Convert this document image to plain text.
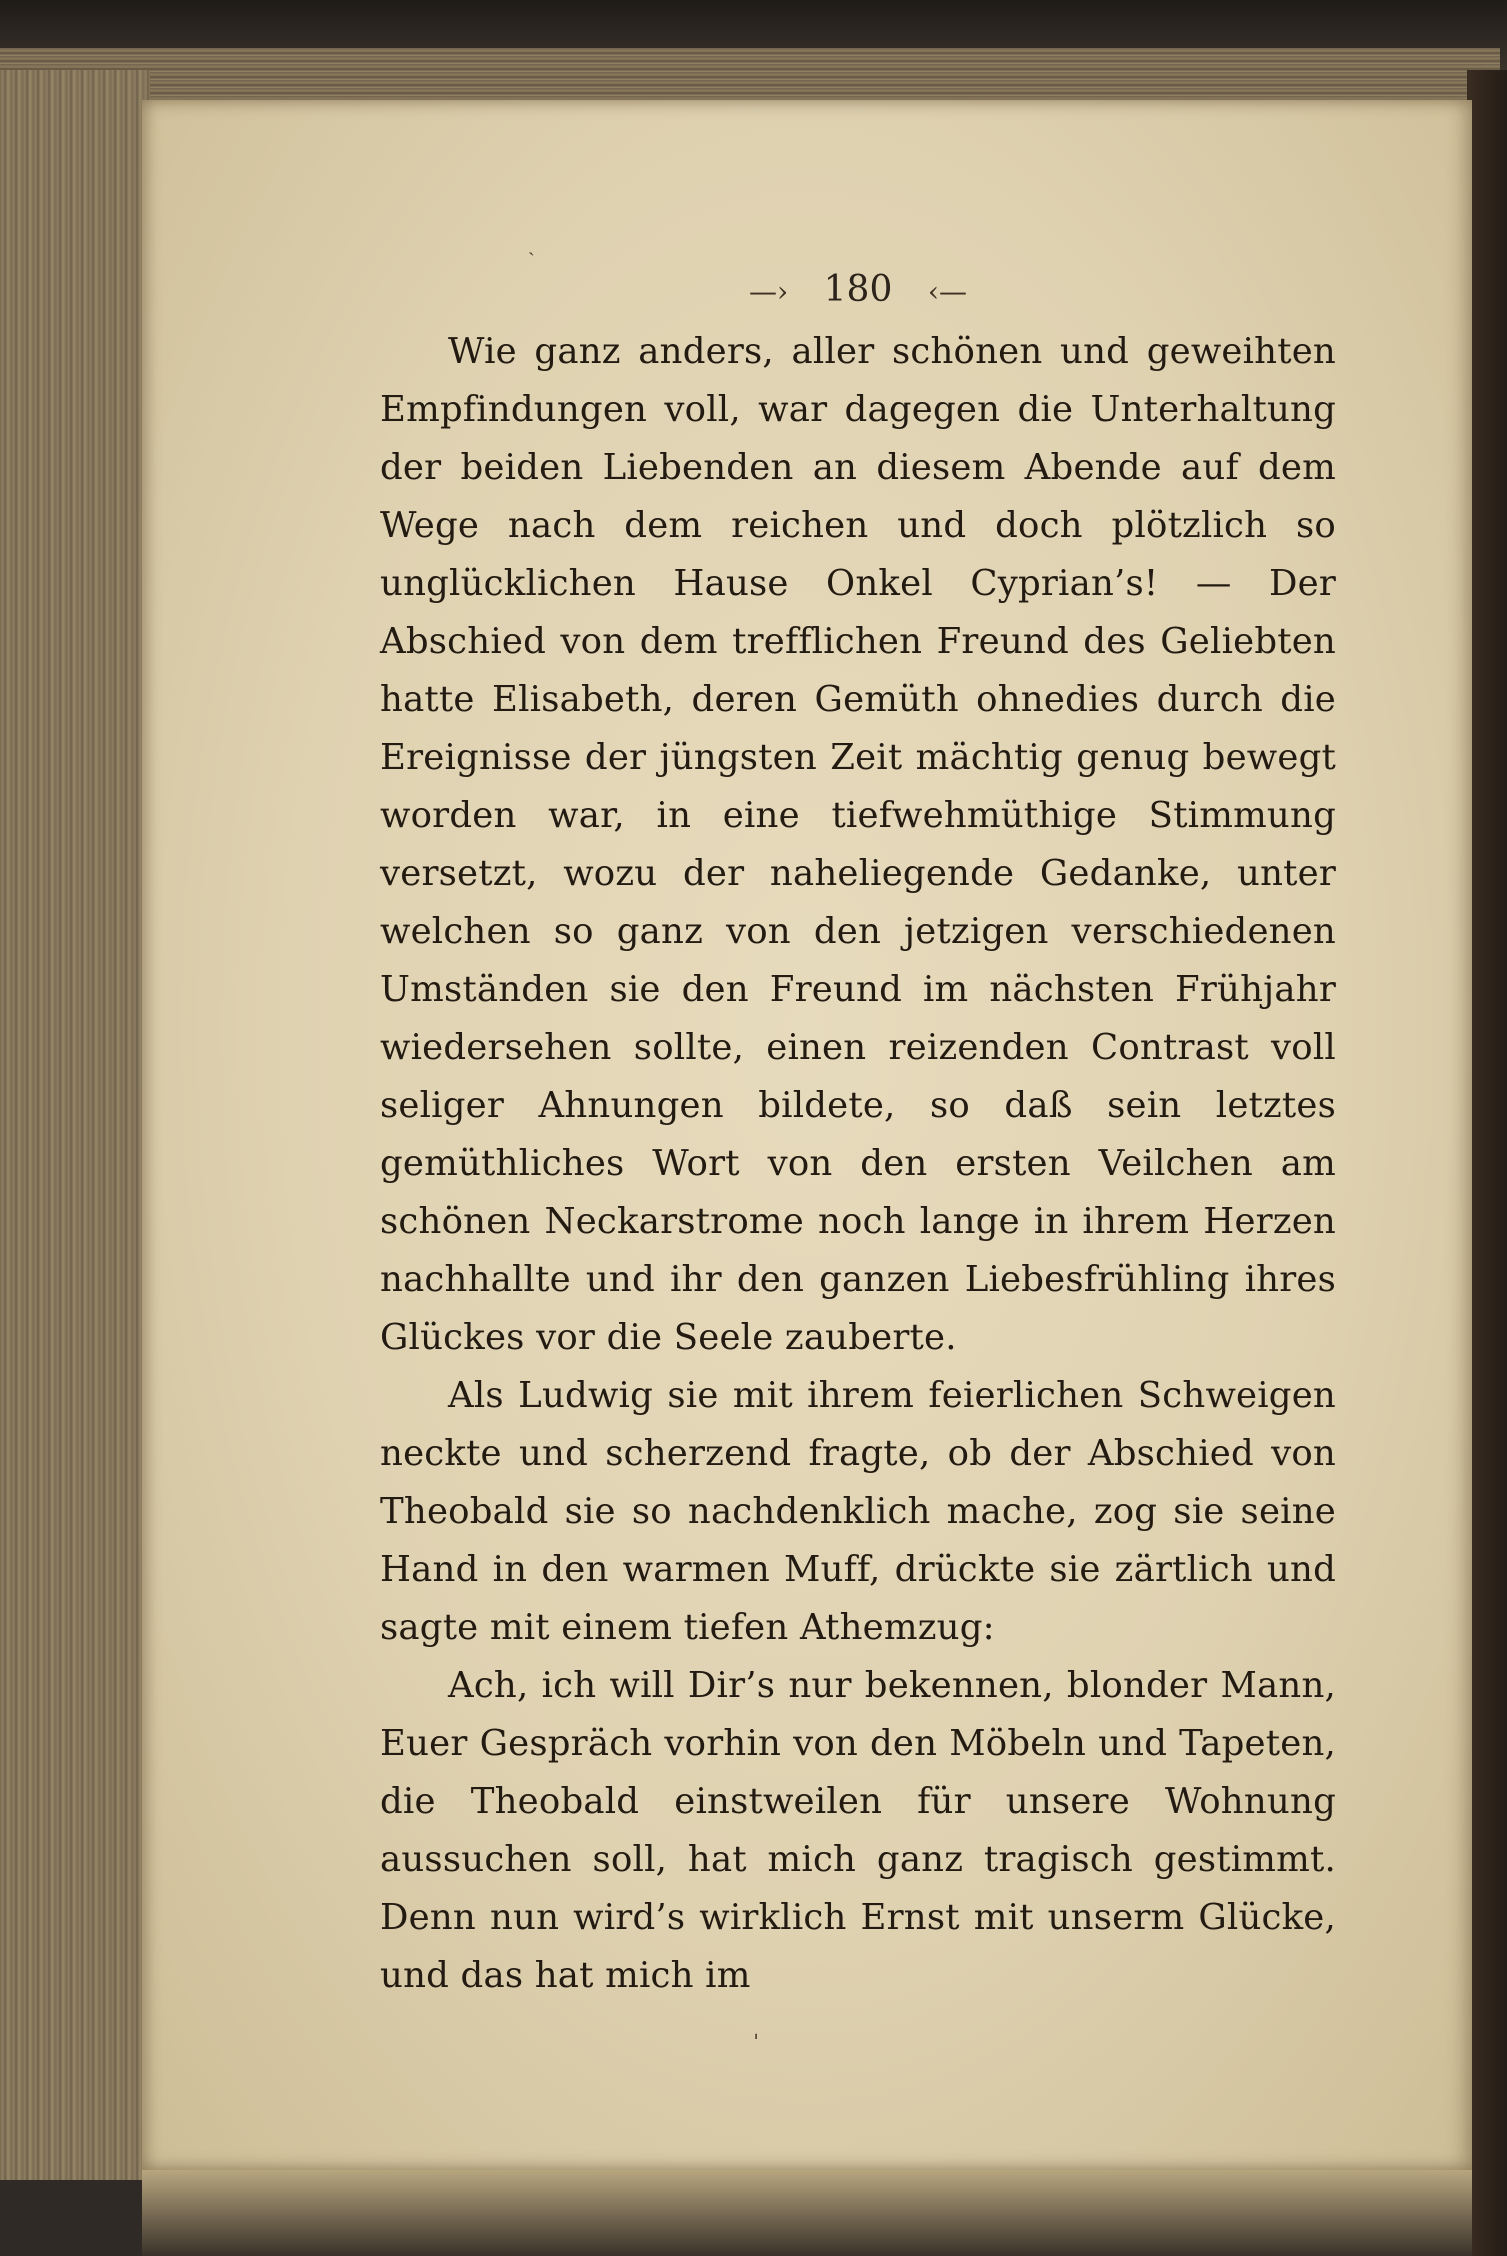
ˎ
ˈ
—› 180 ‹—

Wie ganz anders, aller schönen und geweihten Empfindungen voll, war dagegen die Unterhaltung der beiden Liebenden an diesem Abende auf dem Wege nach dem reichen und doch plötzlich so unglücklichen Hause Onkel Cyprian’s! — Der Abschied von dem trefflichen Freund des Geliebten hatte Elisabeth, deren Gemüth ohnedies durch die Ereignisse der jüngsten Zeit mächtig genug bewegt worden war, in eine tiefwehmüthige Stimmung versetzt, wozu der naheliegende Gedanke, unter welchen so ganz von den jetzigen verschiedenen Umständen sie den Freund im nächsten Frühjahr wiedersehen sollte, einen reizenden Contrast voll seliger Ahnungen bildete, so daß sein letztes gemüthliches Wort von den ersten Veilchen am schönen Neckarstrome noch lange in ihrem Herzen nachhallte und ihr den ganzen Liebesfrühling ihres Glückes vor die Seele zauberte.

Als Ludwig sie mit ihrem feierlichen Schweigen neckte und scherzend fragte, ob der Abschied von Theobald sie so nachdenklich mache, zog sie seine Hand in den warmen Muff, drückte sie zärtlich und sagte mit einem tiefen Athemzug:

Ach, ich will Dir’s nur bekennen, blonder Mann, Euer Gespräch vorhin von den Möbeln und Tapeten, die Theobald einstweilen für unsere Wohnung aussuchen soll, hat mich ganz tragisch gestimmt. Denn nun wird’s wirklich Ernst mit unserm Glücke, und das hat mich im
